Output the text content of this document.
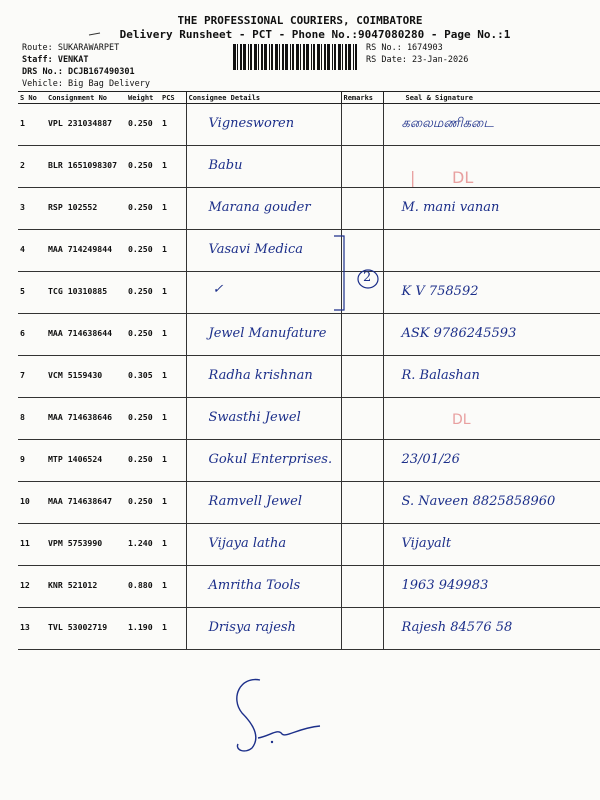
THE PROFESSIONAL COURIERS, COIMBATORE
Delivery Runsheet - PCT - Phone No.:9047080280 - Page No.:1
Route: SUKARAWARPET
Staff: VENKAT
DRS No.: DCJB167490301
Vehicle: Big Bag Delivery
RS No.: 1674903
RS Date: 23-Jan-2026
S No	Consignment No	Weight	PCS	Consignee Details	Remarks	Seal & Signature
1	VPL 231034887	0.250	1	Vignesworen		கலைமணிகடை

2	BLR 1651098307	0.250	1	Babu		

3	RSP 102552	0.250	1	Marana gouder		M. mani vanan

4	MAA 714249844	0.250	1	Vasavi Medica		

5	TCG 10310885	0.250	1	✓		K V 758592

6	MAA 714638644	0.250	1	Jewel Manufature		ASK 9786245593

7	VCM 5159430	0.305	1	Radha krishnan		R. Balashan

8	MAA 714638646	0.250	1	Swasthi Jewel		

9	MTP 1406524	0.250	1	Gokul Enterprises.		23/01/26

10	MAA 714638647	0.250	1	Ramvell Jewel		S. Naveen 8825858960

11	VPM 5753990	1.240	1	Vijaya latha		Vijayalt

12	KNR 521012	0.880	1	Amritha Tools		1963 949983

13	TVL 53002719	1.190	1	Drisya rajesh		Rajesh 84576 58
2
| DL
DL
